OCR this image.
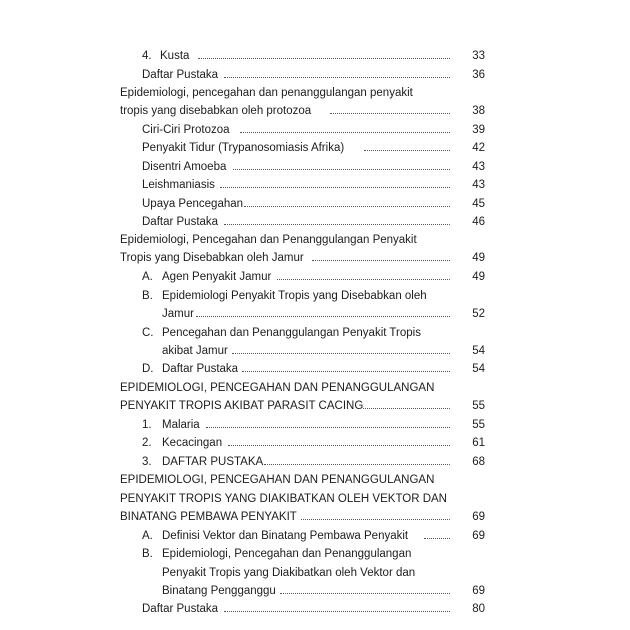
4. Kusta	33
Daftar Pustaka	36
Epidemiologi, pencegahan dan penanggulangan penyakit
tropis yang disebabkan oleh protozoa	38
Ciri-Ciri Protozoa	39
Penyakit Tidur (Trypanosomiasis Afrika)	42
Disentri Amoeba	43
Leishmaniasis	43
Upaya Pencegahan	45
Daftar Pustaka	46
Epidemiologi, Pencegahan dan Penanggulangan Penyakit
Tropis yang Disebabkan oleh Jamur	49
A. Agen Penyakit Jamur	49
B. Epidemiologi Penyakit Tropis yang Disebabkan oleh
Jamur	52
C. Pencegahan dan Penanggulangan Penyakit Tropis
akibat Jamur	54
D. Daftar Pustaka	54
EPIDEMIOLOGI, PENCEGAHAN DAN PENANGGULANGAN
PENYAKIT TROPIS AKIBAT PARASIT CACING	55
1. Malaria	55
2. Kecacingan	61
3. DAFTAR PUSTAKA	68
EPIDEMIOLOGI, PENCEGAHAN DAN PENANGGULANGAN
PENYAKIT TROPIS YANG DIAKIBATKAN OLEH VEKTOR DAN
BINATANG PEMBAWA PENYAKIT	69
A. Definisi Vektor dan Binatang Pembawa Penyakit	69
B. Epidemiologi, Pencegahan dan Penanggulangan
Penyakit Tropis yang Diakibatkan oleh Vektor dan
Binatang Pengganggu	69
Daftar Pustaka	80
